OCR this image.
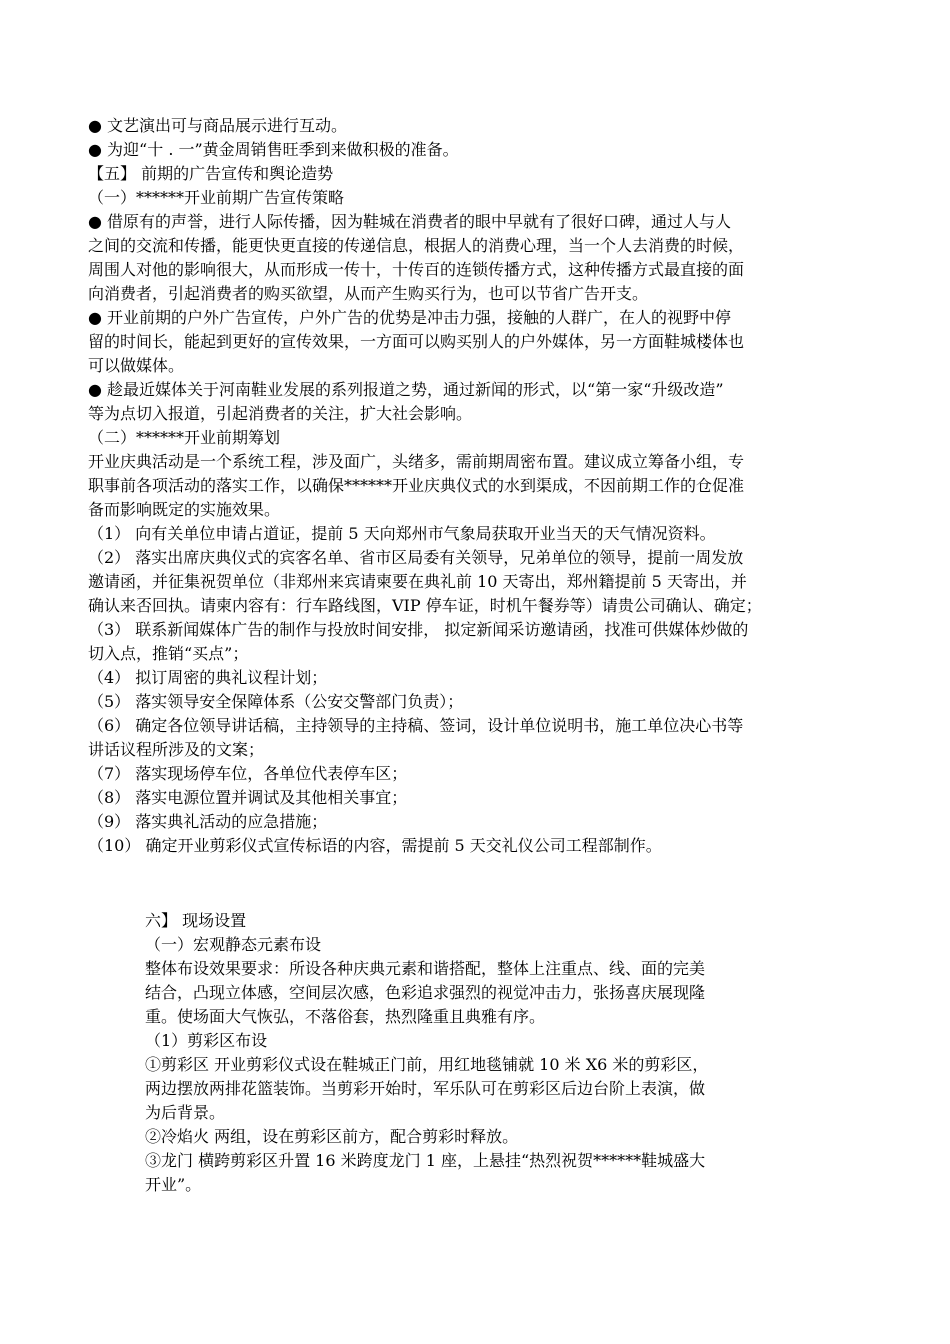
● 文艺演出可与商品展示进行互动。
● 为迎“十 . 一”黄金周销售旺季到来做积极的准备。
【五】 前期的广告宣传和舆论造势
（一）******开业前期广告宣传策略
● 借原有的声誉，进行人际传播，因为鞋城在消费者的眼中早就有了很好口碑，通过人与人
之间的交流和传播，能更快更直接的传递信息，根据人的消费心理，当一个人去消费的时候，
周围人对他的影响很大，从而形成一传十，十传百的连锁传播方式，这种传播方式最直接的面
向消费者，引起消费者的购买欲望，从而产生购买行为，也可以节省广告开支。
● 开业前期的户外广告宣传，户外广告的优势是冲击力强，接触的人群广，在人的视野中停
留的时间长，能起到更好的宣传效果，一方面可以购买别人的户外媒体，另一方面鞋城楼体也
可以做媒体。
● 趁最近媒体关于河南鞋业发展的系列报道之势，通过新闻的形式，以“第一家“升级改造”
等为点切入报道，引起消费者的关注，扩大社会影响。
（二）******开业前期筹划
开业庆典活动是一个系统工程，涉及面广，头绪多，需前期周密布置。建议成立筹备小组，专
职事前各项活动的落实工作，以确保******开业庆典仪式的水到渠成，不因前期工作的仓促准
备而影响既定的实施效果。
（1） 向有关单位申请占道证，提前 5 天向郑州市气象局获取开业当天的天气情况资料。
（2） 落实出席庆典仪式的宾客名单、省市区局委有关领导，兄弟单位的领导，提前一周发放
邀请函，并征集祝贺单位（非郑州来宾请柬要在典礼前 10 天寄出，郑州籍提前 5 天寄出，并
确认来否回执。请柬内容有：行车路线图，VIP 停车证，时机午餐券等）请贵公司确认、确定；
（3） 联系新闻媒体广告的制作与投放时间安排， 拟定新闻采访邀请函，找准可供媒体炒做的
切入点，推销“买点”；
（4） 拟订周密的典礼议程计划；
（5） 落实领导安全保障体系（公安交警部门负责）；
（6） 确定各位领导讲话稿，主持领导的主持稿、签词，设计单位说明书，施工单位决心书等
讲话议程所涉及的文案；
（7） 落实现场停车位，各单位代表停车区；
（8） 落实电源位置并调试及其他相关事宜；
（9） 落实典礼活动的应急措施；
（10） 确定开业剪彩仪式宣传标语的内容，需提前 5 天交礼仪公司工程部制作。
六】 现场设置
（一）宏观静态元素布设
整体布设效果要求：所设各种庆典元素和谐搭配，整体上注重点、线、面的完美
结合，凸现立体感，空间层次感，色彩追求强烈的视觉冲击力，张扬喜庆展现隆
重。使场面大气恢弘，不落俗套，热烈隆重且典雅有序。
（1）剪彩区布设
①剪彩区 开业剪彩仪式设在鞋城正门前，用红地毯铺就 10 米 X6 米的剪彩区，
两边摆放两排花篮装饰。当剪彩开始时，军乐队可在剪彩区后边台阶上表演，做
为后背景。
②冷焰火 两组，设在剪彩区前方，配合剪彩时释放。
③龙门 横跨剪彩区升置 16 米跨度龙门 1 座，上悬挂“热烈祝贺******鞋城盛大
开业”。
